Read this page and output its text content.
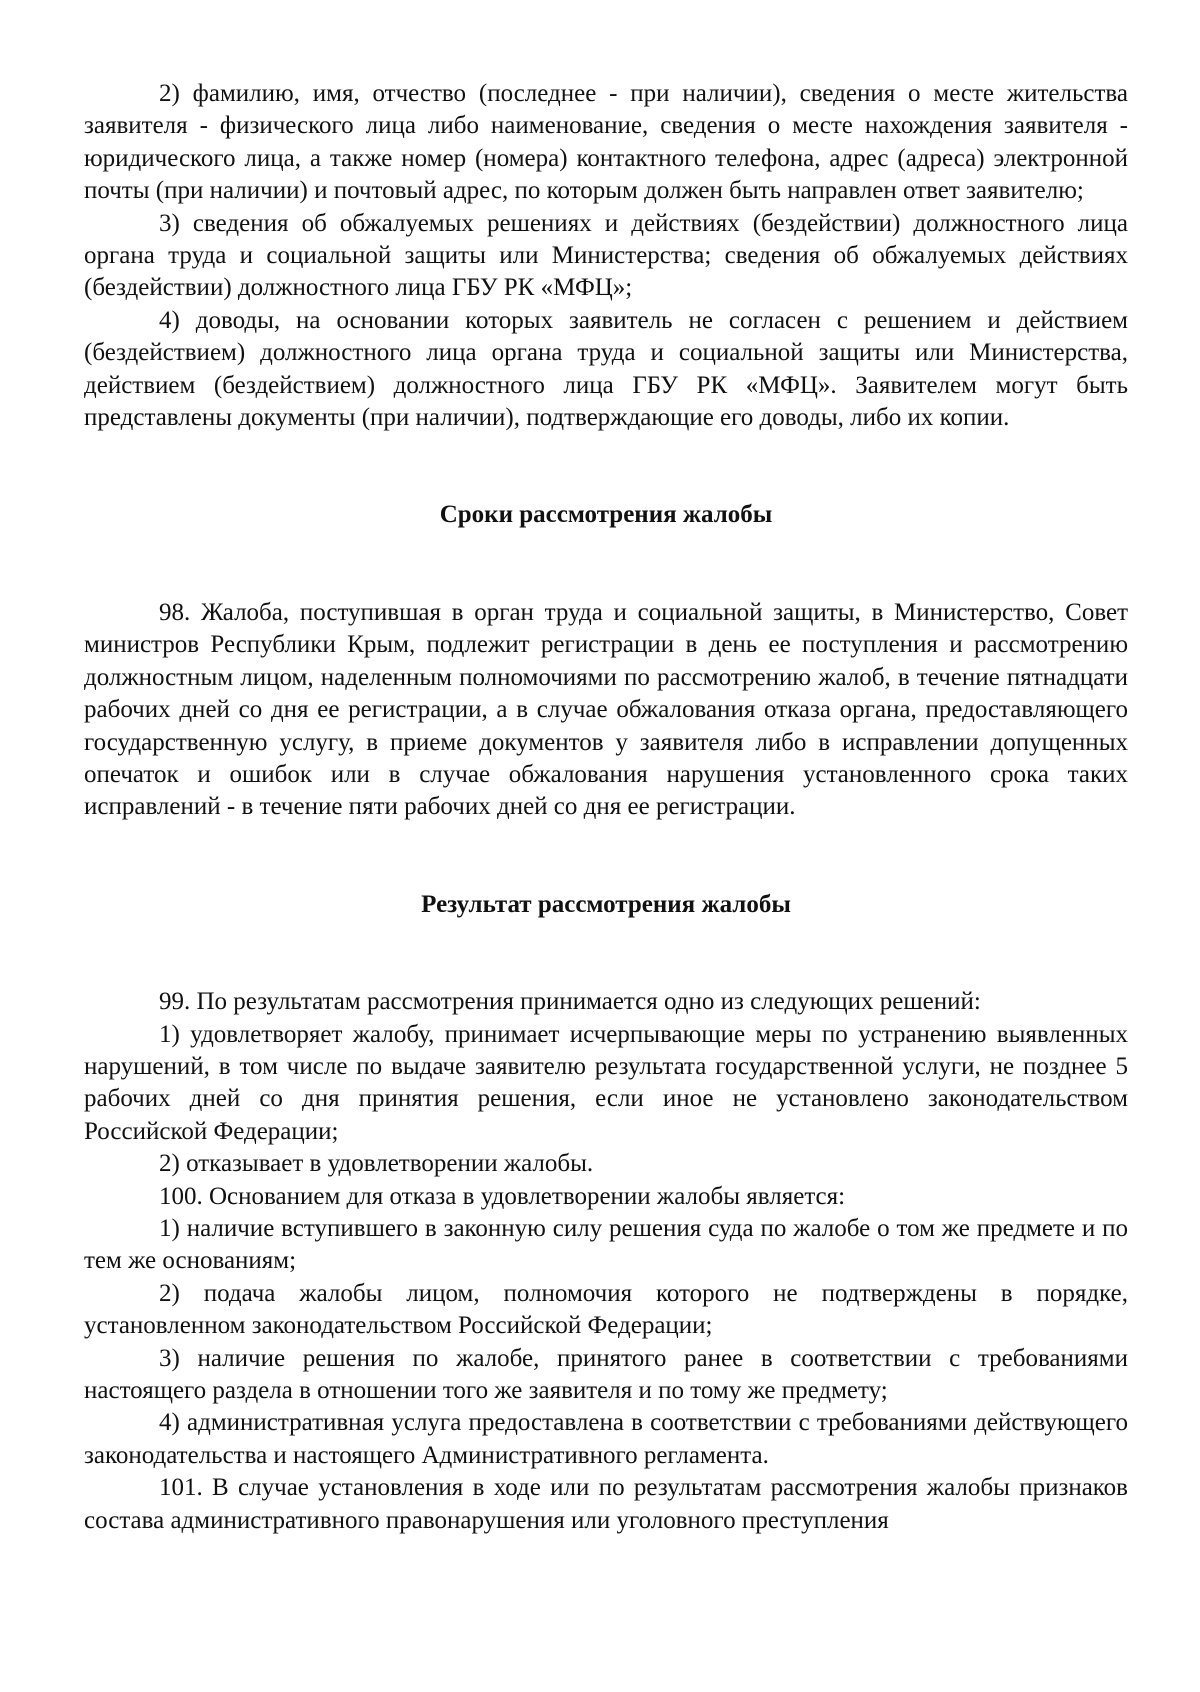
2) фамилию, имя, отчество (последнее - при наличии), сведения о месте жительства заявителя - физического лица либо наименование, сведения о месте нахождения заявителя - юридического лица, а также номер (номера) контактного телефона, адрес (адреса) электронной почты (при наличии) и почтовый адрес, по которым должен быть направлен ответ заявителю;

3) сведения об обжалуемых решениях и действиях (бездействии) должностного лица органа труда и социальной защиты или Министерства; сведения об обжалуемых действиях (бездействии) должностного лица ГБУ РК «МФЦ»;

4) доводы, на основании которых заявитель не согласен с решением и действием (бездействием) должностного лица органа труда и социальной защиты или Министерства, действием (бездействием) должностного лица ГБУ РК «МФЦ». Заявителем могут быть представлены документы (при наличии), подтверждающие его доводы, либо их копии.

Сроки рассмотрения жалобы

98. Жалоба, поступившая в орган труда и социальной защиты, в Министерство, Совет министров Республики Крым, подлежит регистрации в день ее поступления и рассмотрению должностным лицом, наделенным полномочиями по рассмотрению жалоб, в течение пятнадцати рабочих дней со дня ее регистрации, а в случае обжалования отказа органа, предоставляющего государственную услугу, в приеме документов у заявителя либо в исправлении допущенных опечаток и ошибок или в случае обжалования нарушения установленного срока таких исправлений - в течение пяти рабочих дней со дня ее регистрации.

Результат рассмотрения жалобы

99. По результатам рассмотрения принимается одно из следующих решений:

1) удовлетворяет жалобу, принимает исчерпывающие меры по устранению выявленных нарушений, в том числе по выдаче заявителю результата государственной услуги, не позднее 5 рабочих дней со дня принятия решения, если иное не установлено законодательством Российской Федерации;

2) отказывает в удовлетворении жалобы.

100. Основанием для отказа в удовлетворении жалобы является:

1) наличие вступившего в законную силу решения суда по жалобе о том же предмете и по тем же основаниям;

2) подача жалобы лицом, полномочия которого не подтверждены в порядке, установленном законодательством Российской Федерации;

3) наличие решения по жалобе, принятого ранее в соответствии с требованиями настоящего раздела в отношении того же заявителя и по тому же предмету;

4) административная услуга предоставлена в соответствии с требованиями действующего законодательства и настоящего Административного регламента.

101. В случае установления в ходе или по результатам рассмотрения жалобы признаков состава административного правонарушения или уголовного преступления
